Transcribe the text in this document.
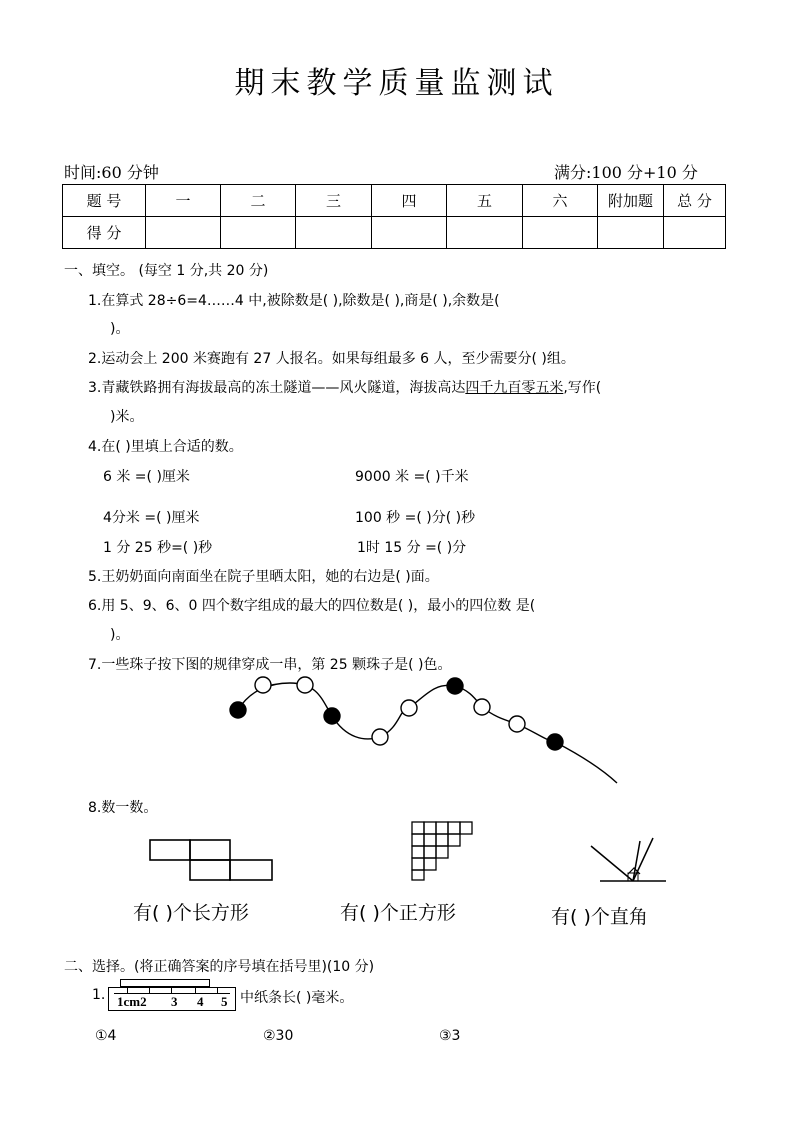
期末教学质量监测试
时间:60 分钟	满分:100 分+10 分
题 号	一	二	三	四	五	六	附加题	总 分
得 分								
一、填空。 (每空 1 分,共 20 分)
1.在算式 28÷6=4……4 中,被除数是( ),除数是( ),商是( ),余数是(
)。
2.运动会上 200 米赛跑有 27 人报名。如果每组最多 6 人，至少需要分( )组。
3.青藏铁路拥有海拔最高的冻土隧道——风火隧道，海拔高达四千九百零五米,写作(
)米。
4.在( )里填上合适的数。
6 米 =( )厘米	9000 米 =( )千米
4分米 =( )厘米	100 秒 =( )分( )秒
1 分 25 秒=( )秒	1时 15 分 =( )分
5.王奶奶面向南面坐在院子里晒太阳，她的右边是( )面。
6.用 5、9、6、0 四个数字组成的最大的四位数是( )，最小的四位数 是(
)。
7.一些珠子按下图的规律穿成一串，第 25 颗珠子是( )色。
8.数一数。
有( )个长方形	有( )个正方形	有( )个直角
二、选择。(将正确答案的序号填在括号里)(10 分)
1. 1cm2 3 4 5 中纸条长( )毫米。
①4	②30	③3
